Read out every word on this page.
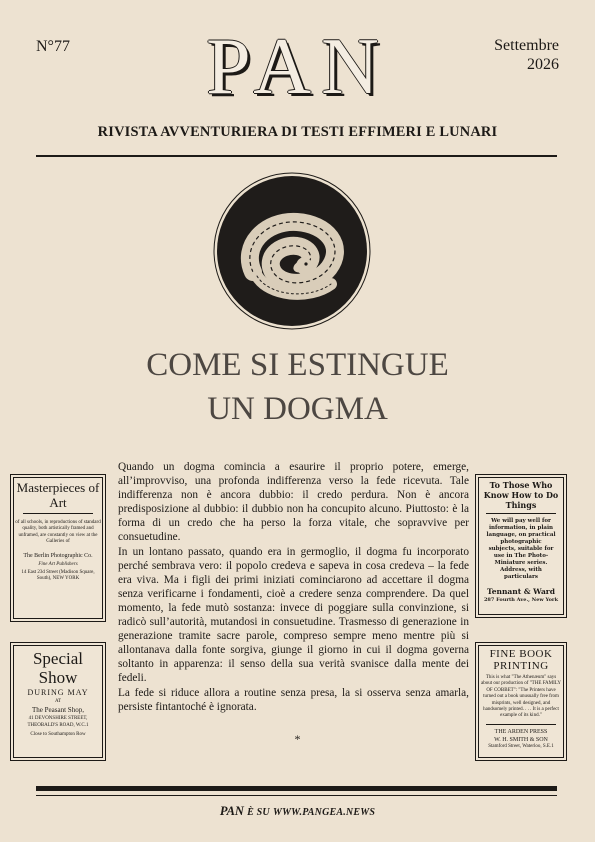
N°77	Settembre
2026
PAN
RIVISTA AVVENTURIERA DI TESTI EFFIMERI E LUNARI
COME SI ESTINGUE
UN DOGMA

Quando un dogma comincia a esaurire il proprio potere, emerge, all’improvviso, una profonda indifferenza verso la fede ricevuta. Tale indifferenza non è ancora dubbio: il credo perdura. Non è ancora predisposizione al dubbio: il dubbio non ha concupito alcuno. Piuttosto: è la forma di un credo che ha perso la forza vitale, che sopravvive per consuetudine.

In un lontano passato, quando era in germoglio, il dogma fu incorporato perché sembrava vero: il popolo credeva e sapeva in cosa credeva – la fede era viva. Ma i figli dei primi iniziati cominciarono ad accettare il dogma senza verificarne i fondamenti, cioè a credere senza comprendere. Da quel momento, la fede mutò sostanza: invece di poggiare sulla convinzione, si radicò sull’autorità, mutandosi in consuetudine. Trasmesso di generazione in generazione tramite sacre parole, compreso sempre meno mentre più si allontanava dalla fonte sorgiva, giunge il giorno in cui il dogma governa soltanto in apparenza: il senso della sua verità svanisce dalla mente dei fedeli.

La fede si riduce allora a routine senza presa, la si osserva senza amarla, persiste fintantoché è ignorata.

*
Masterpieces of Art
of all schools, in reproductions of standard quality, both artistically framed and unframed, are constantly on view at the Galleries of
The Berlin Photographic Co.
Fine Art Publishers
14 East 23d Street (Madison Square, South), NEW YORK
Special
Show
DURING MAY
AT
The Peasant Shop,
41 DEVONSHIRE STREET, THEOBALD'S ROAD, W.C.1
Close to Southampton Row
To Those Who Know How to Do Things
We will pay well for information, in plain language, on practical photographic subjects, suitable for use in The Photo-Miniature series. Address, with particulars
Tennant & Ward
287 Fourth Ave., New York
FINE BOOK
PRINTING
This is what "The Athenæum" says about our production of "THE FAMILY OF COBBET": "The Printers have turned out a book unusually free from misprints, well designed, and handsomely printed. . . . It is a perfect example of its kind."
THE ARDEN PRESS
W. H. SMITH & SON
Stamford Street, Waterloo, S.E.1
PAN È SU WWW.PANGEA.NEWS
